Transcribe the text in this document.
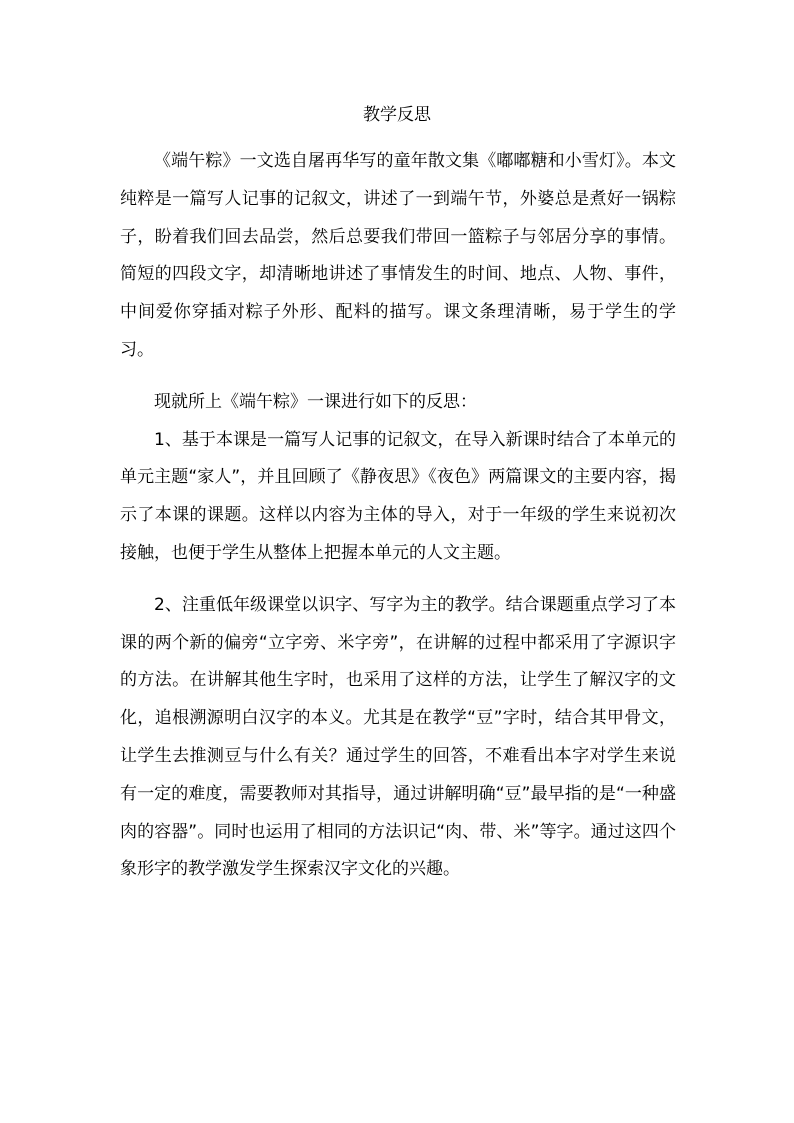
教学反思

《端午粽》一文选自屠再华写的童年散文集《嘟嘟糖和小雪灯》。本文纯粹是一篇写人记事的记叙文，讲述了一到端午节，外婆总是煮好一锅粽子，盼着我们回去品尝，然后总要我们带回一篮粽子与邻居分享的事情。简短的四段文字，却清晰地讲述了事情发生的时间、地点、人物、事件，中间爱你穿插对粽子外形、配料的描写。课文条理清晰，易于学生的学习。

现就所上《端午粽》一课进行如下的反思：

1、基于本课是一篇写人记事的记叙文，在导入新课时结合了本单元的单元主题“家人”，并且回顾了《静夜思》《夜色》两篇课文的主要内容，揭示了本课的课题。这样以内容为主体的导入，对于一年级的学生来说初次接触，也便于学生从整体上把握本单元的人文主题。

2、注重低年级课堂以识字、写字为主的教学。结合课题重点学习了本课的两个新的偏旁“立字旁、米字旁”，在讲解的过程中都采用了字源识字的方法。在讲解其他生字时，也采用了这样的方法，让学生了解汉字的文化，追根溯源明白汉字的本义。尤其是在教学“豆”字时，结合其甲骨文，让学生去推测豆与什么有关？通过学生的回答，不难看出本字对学生来说有一定的难度，需要教师对其指导，通过讲解明确“豆”最早指的是“一种盛肉的容器”。同时也运用了相同的方法识记“肉、带、米”等字。通过这四个象形字的教学激发学生探索汉字文化的兴趣。
